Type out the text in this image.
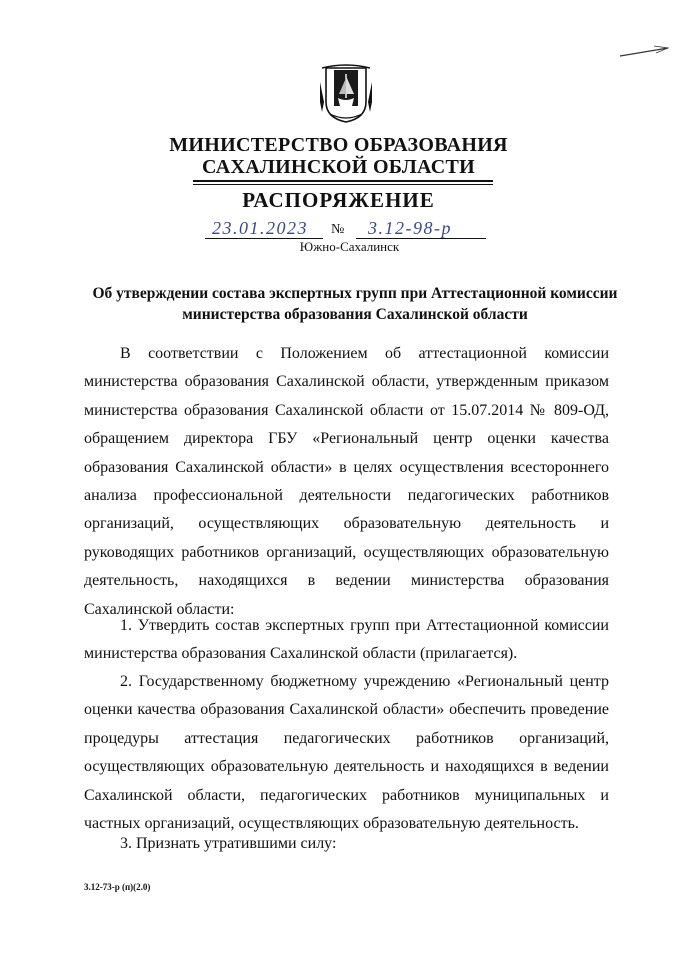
МИНИСТЕРСТВО ОБРАЗОВАНИЯ
САХАЛИНСКОЙ ОБЛАСТИ
РАСПОРЯЖЕНИЕ
23.01.2023 № 3.12-98-р
Южно-Сахалинск
Об утверждении состава экспертных групп при Аттестационной комиссии
министерства образования Сахалинской области
В соответствии с Положением об аттестационной комиссии министерства образования Сахалинской области, утвержденным приказом министерства образования Сахалинской области от 15.07.2014 № 809-ОД, обращением директора ГБУ «Региональный центр оценки качества образования Сахалинской области» в целях осуществления всестороннего анализа профессиональной деятельности педагогических работников организаций, осуществляющих образовательную деятельность и руководящих работников организаций, осуществляющих образовательную деятельность, находящихся в ведении министерства образования Сахалинской области:
1. Утвердить состав экспертных групп при Аттестационной комиссии министерства образования Сахалинской области (прилагается).
2. Государственному бюджетному учреждению «Региональный центр оценки качества образования Сахалинской области» обеспечить проведение процедуры аттестация педагогических работников организаций, осуществляющих образовательную деятельность и находящихся в ведении Сахалинской области, педагогических работников муниципальных и частных организаций, осуществляющих образовательную деятельность.
3. Признать утратившими силу:
3.12-73-р (п)(2.0)
